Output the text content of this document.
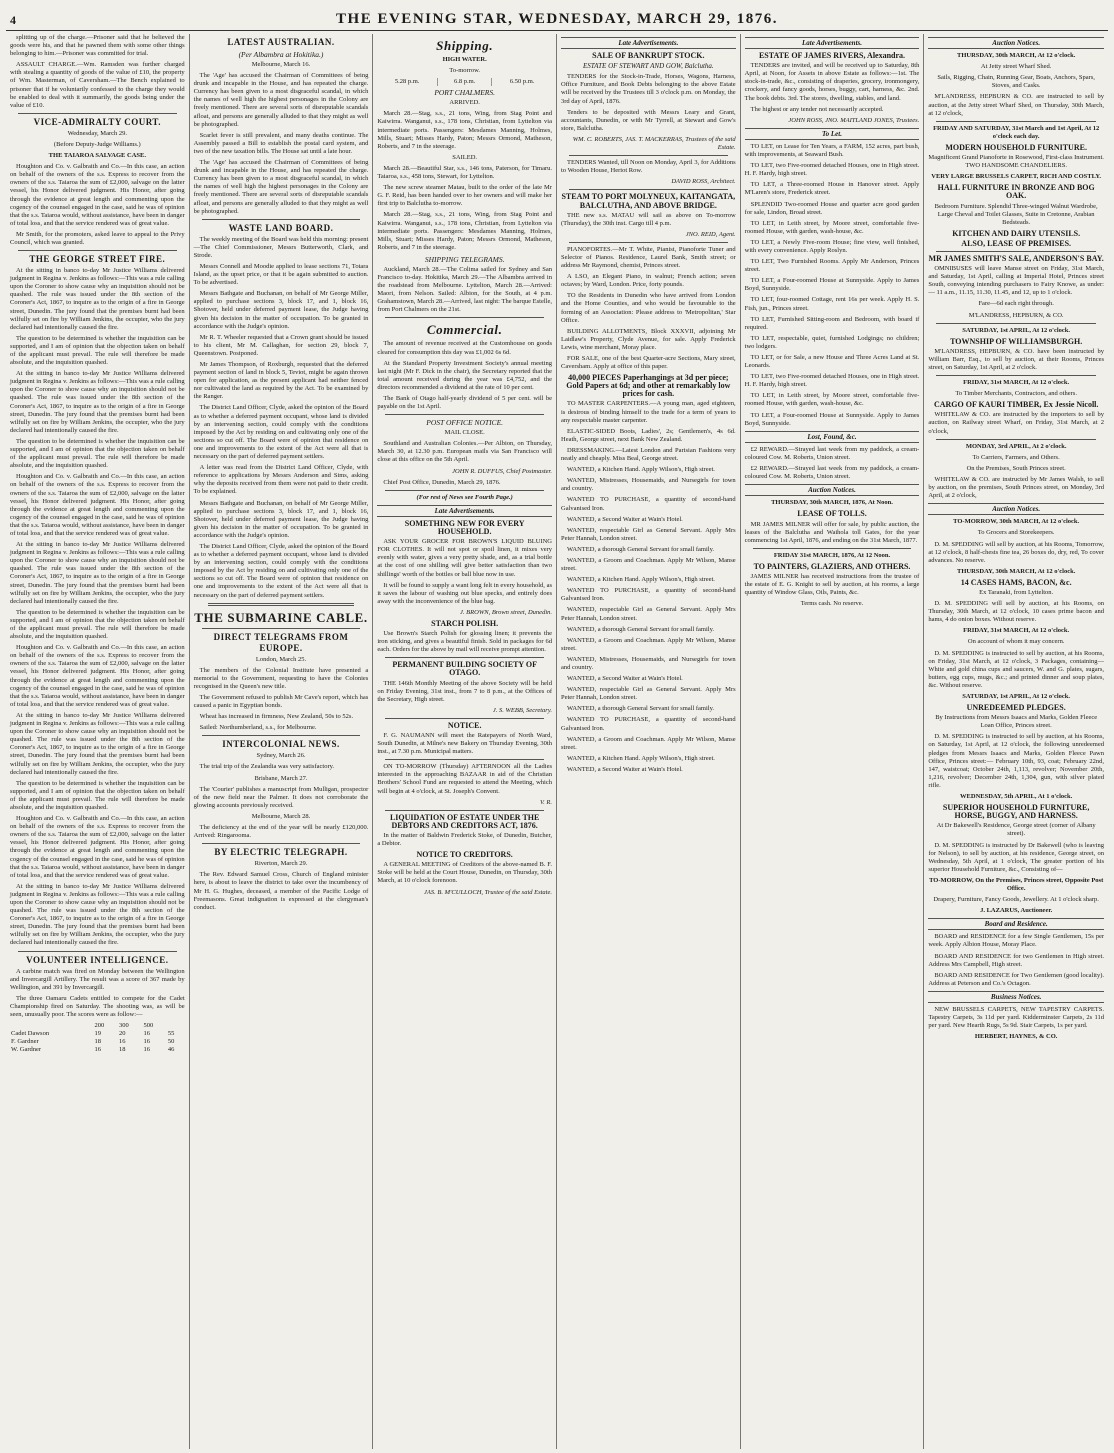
4	THE EVENING STAR, WEDNESDAY, MARCH 29, 1876.

splitting up of the charge.—Prisoner said that he believed the goods were his, and that he pawned them with some other things belonging to him.—Prisoner was committed for trial.

ASSAULT CHARGE.—Wm. Ramsden was further charged with stealing a quantity of goods of the value of £10, the property of Wm. Masterman, of Caversham.—The Bench explained to prisoner that if he voluntarily confessed to the charge they would be enabled to deal with it summarily, the goods being under the value of £10.

VICE-ADMIRALTY COURT.

Wednesday, March 29.

(Before Deputy-Judge Williams.)

THE TAIAROA SALVAGE CASE.

Houghton and Co. v. Galbraith and Co.—In this case, an action on behalf of the owners of the s.s. Express to recover from the owners of the s.s. Taiaroa the sum of £2,000, salvage on the latter vessel, his Honor delivered judgment. His Honor, after going through the evidence at great length and commenting upon the cogency of the counsel engaged in the case, said he was of opinion that the s.s. Taiaroa would, without assistance, have been in danger of total loss, and that the service rendered was of great value.

Mr Smith, for the promoters, asked leave to appeal to the Privy Council, which was granted.

THE GEORGE STREET FIRE.

At the sitting in banco to-day Mr Justice Williams delivered judgment in Regina v. Jenkins as follows:—This was a rule calling upon the Coroner to show cause why an inquisition should not be quashed. The rule was issued under the 8th section of the Coroner's Act, 1867, to inquire as to the origin of a fire in George street, Dunedin. The jury found that the premises burnt had been wilfully set on fire by William Jenkins, the occupier, who the jury declared had intentionally caused the fire.

The question to be determined is whether the inquisition can be supported, and I am of opinion that the objection taken on behalf of the applicant must prevail. The rule will therefore be made absolute, and the inquisition quashed.

At the sitting in banco to-day Mr Justice Williams delivered judgment in Regina v. Jenkins as follows:—This was a rule calling upon the Coroner to show cause why an inquisition should not be quashed. The rule was issued under the 8th section of the Coroner's Act, 1867, to inquire as to the origin of a fire in George street, Dunedin. The jury found that the premises burnt had been wilfully set on fire by William Jenkins, the occupier, who the jury declared had intentionally caused the fire.

The question to be determined is whether the inquisition can be supported, and I am of opinion that the objection taken on behalf of the applicant must prevail. The rule will therefore be made absolute, and the inquisition quashed.

Houghton and Co. v. Galbraith and Co.—In this case, an action on behalf of the owners of the s.s. Express to recover from the owners of the s.s. Taiaroa the sum of £2,000, salvage on the latter vessel, his Honor delivered judgment. His Honor, after going through the evidence at great length and commenting upon the cogency of the counsel engaged in the case, said he was of opinion that the s.s. Taiaroa would, without assistance, have been in danger of total loss, and that the service rendered was of great value.

At the sitting in banco to-day Mr Justice Williams delivered judgment in Regina v. Jenkins as follows:—This was a rule calling upon the Coroner to show cause why an inquisition should not be quashed. The rule was issued under the 8th section of the Coroner's Act, 1867, to inquire as to the origin of a fire in George street, Dunedin. The jury found that the premises burnt had been wilfully set on fire by William Jenkins, the occupier, who the jury declared had intentionally caused the fire.

The question to be determined is whether the inquisition can be supported, and I am of opinion that the objection taken on behalf of the applicant must prevail. The rule will therefore be made absolute, and the inquisition quashed.

Houghton and Co. v. Galbraith and Co.—In this case, an action on behalf of the owners of the s.s. Express to recover from the owners of the s.s. Taiaroa the sum of £2,000, salvage on the latter vessel, his Honor delivered judgment. His Honor, after going through the evidence at great length and commenting upon the cogency of the counsel engaged in the case, said he was of opinion that the s.s. Taiaroa would, without assistance, have been in danger of total loss, and that the service rendered was of great value.

At the sitting in banco to-day Mr Justice Williams delivered judgment in Regina v. Jenkins as follows:—This was a rule calling upon the Coroner to show cause why an inquisition should not be quashed. The rule was issued under the 8th section of the Coroner's Act, 1867, to inquire as to the origin of a fire in George street, Dunedin. The jury found that the premises burnt had been wilfully set on fire by William Jenkins, the occupier, who the jury declared had intentionally caused the fire.

The question to be determined is whether the inquisition can be supported, and I am of opinion that the objection taken on behalf of the applicant must prevail. The rule will therefore be made absolute, and the inquisition quashed.

Houghton and Co. v. Galbraith and Co.—In this case, an action on behalf of the owners of the s.s. Express to recover from the owners of the s.s. Taiaroa the sum of £2,000, salvage on the latter vessel, his Honor delivered judgment. His Honor, after going through the evidence at great length and commenting upon the cogency of the counsel engaged in the case, said he was of opinion that the s.s. Taiaroa would, without assistance, have been in danger of total loss, and that the service rendered was of great value.

At the sitting in banco to-day Mr Justice Williams delivered judgment in Regina v. Jenkins as follows:—This was a rule calling upon the Coroner to show cause why an inquisition should not be quashed. The rule was issued under the 8th section of the Coroner's Act, 1867, to inquire as to the origin of a fire in George street, Dunedin. The jury found that the premises burnt had been wilfully set on fire by William Jenkins, the occupier, who the jury declared had intentionally caused the fire.

VOLUNTEER INTELLIGENCE.

A carbine match was fired on Monday between the Wellington and Invercargill Artillery. The result was a score of 367 made by Wellington, and 391 by Invercargill.

The three Oamaru Cadets entitled to compete for the Cadet Championship fired on Saturday. The shooting was, as will be seen, unusually poor. The scores were as follow:—

	200	300	500	
Cadet Dawson	19	20	16	55
F. Gardner	18	16	16	50
W. Gardner	16	18	16	46
LATEST AUSTRALIAN.
(Per Albambra at Hokitika.)

Melbourne, March 16.

The 'Age' has accused the Chairman of Committees of being drunk and incapable in the House, and has repeated the charge. Currency has been given to a most disgraceful scandal, in which the names of well high the highest personages in the Colony are freely mentioned. There are several sorts of disreputable scandals afloat, and persons are generally alluded to that they might as well be photographed.

Scarlet fever is still prevalent, and many deaths continue. The Assembly passed a Bill to establish the postal card system, and two of the new taxation bills. The House sat until a late hour.

The 'Age' has accused the Chairman of Committees of being drunk and incapable in the House, and has repeated the charge. Currency has been given to a most disgraceful scandal, in which the names of well high the highest personages in the Colony are freely mentioned. There are several sorts of disreputable scandals afloat, and persons are generally alluded to that they might as well be photographed.

WASTE LAND BOARD.

The weekly meeting of the Board was held this morning: present—The Chief Commissioner, Messrs Butterworth, Clark, and Strode.

Messrs Connell and Moodie applied to lease sections 71, Totara Island, as the upset price, or that it be again submitted to auction. To be advertised.

Messrs Bathgate and Buchanan, on behalf of Mr George Miller, applied to purchase sections 3, block 17, and 1, block 16, Shotover, held under deferred payment lease, the Judge having given his decision in the matter of occupation. To be granted in accordance with the Judge's opinion.

Mr R. T. Wheeler requested that a Crown grant should be issued to his client, Mr M. Callaghan, for section 29, block 7, Queenstown. Postponed.

Mr James Thompson, of Roxburgh, requested that the deferred payment section of land in block 5, Teviot, might be again thrown open for application, as the present applicant had neither fenced nor cultivated the land as required by the Act. To be examined by the Ranger.

The District Land Officer, Clyde, asked the opinion of the Board as to whether a deferred payment occupant, whose land is divided by an intervening section, could comply with the conditions imposed by the Act by residing on and cultivating only one of the sections so cut off. The Board were of opinion that residence on one and improvements to the extent of the Act were all that is necessary on the part of deferred payment settlers.

A letter was read from the District Land Officer, Clyde, with reference to applications by Messrs Anderson and Sims, asking why the deposits received from them were not paid to their credit. To be explained.

Messrs Bathgate and Buchanan, on behalf of Mr George Miller, applied to purchase sections 3, block 17, and 1, block 16, Shotover, held under deferred payment lease, the Judge having given his decision in the matter of occupation. To be granted in accordance with the Judge's opinion.

The District Land Officer, Clyde, asked the opinion of the Board as to whether a deferred payment occupant, whose land is divided by an intervening section, could comply with the conditions imposed by the Act by residing on and cultivating only one of the sections so cut off. The Board were of opinion that residence on one and improvements to the extent of the Act were all that is necessary on the part of deferred payment settlers.

THE SUBMARINE CABLE.
DIRECT TELEGRAMS FROM EUROPE.

London, March 25.

The members of the Colonial Institute have presented a memorial to the Government, requesting to have the Colonies recognised in the Queen's new title.

The Government refused to publish Mr Cave's report, which has caused a panic in Egyptian bonds.

Wheat has increased in firmness, New Zealand, 50s to 52s.

Sailed: Northumberland, s.s., for Melbourne.

INTERCOLONIAL NEWS.

Sydney, March 26.

The trial trip of the Zealandia was very satisfactory.

Brisbane, March 27.

The 'Courier' publishes a manuscript from Mulligan, prospector of the new field near the Palmer. It does not corroborate the glowing accounts previously received.

Melbourne, March 28.

The deficiency at the end of the year will be nearly £120,000. Arrived: Ringarooma.

BY ELECTRIC TELEGRAPH.

Riverton, March 29.

The Rev. Edward Samuel Cross, Church of England minister here, is about to leave the district to take over the incumbency of Mr H. G. Hughes, deceased, a member of the Pacific Lodge of Freemasons. Great indignation is expressed at the clergyman's conduct.

Shipping.

HIGH WATER.

To-morrow.

5.28 p.m.	6.8 p.m.	6.50 p.m.
PORT CHALMERS.

ARRIVED.

March 28.—Stag, s.s., 21 tons, Wing, from Stag Point and Kaiwirra. Wanganui, s.s., 178 tons, Christian, from Lyttelton via intermediate ports. Passengers: Mesdames Manning, Holmes, Mills, Stuart; Misses Hardy, Paton; Messrs Ormond, Matheson, Roberts, and 7 in the steerage.

SAILED.

March 28.—Beautiful Star, s.s., 146 tons, Paterson, for Timaru. Taiaroa, s.s., 458 tons, Stewart, for Lyttelton.

The new screw steamer Matau, built to the order of the late Mr G. F. Reid, has been handed over to her owners and will make her first trip to Balclutha to-morrow.

March 28.—Stag, s.s., 21 tons, Wing, from Stag Point and Kaiwirra. Wanganui, s.s., 178 tons, Christian, from Lyttelton via intermediate ports. Passengers: Mesdames Manning, Holmes, Mills, Stuart; Misses Hardy, Paton; Messrs Ormond, Matheson, Roberts, and 7 in the steerage.

SHIPPING TELEGRAMS.

Auckland, March 28.—The Colima sailed for Sydney and San Francisco to-day. Hokitika, March 29.—The Albambra arrived in the roadstead from Melbourne. Lyttelton, March 28.—Arrived: Maori, from Nelson. Sailed: Albion, for the South, at 4 p.m. Grahamstown, March 28.—Arrived, last night: The barque Estelle, from Port Chalmers on the 21st.

Commercial.

The amount of revenue received at the Customhouse on goods cleared for consumption this day was £1,002 6s 6d.

At the Standard Property Investment Society's annual meeting last night (Mr F. Dick in the chair), the Secretary reported that the total amount received during the year was £4,752, and the directors recommended a dividend at the rate of 10 per cent.

The Bank of Otago half-yearly dividend of 5 per cent. will be payable on the 1st April.

POST OFFICE NOTICE.

MAIL CLOSE.

Southland and Australian Colonies.—Per Albion, on Thursday, March 30, at 12.30 p.m. European mails via San Francisco will close at this office on the 5th April.

JOHN R. DUFFUS, Chief Postmaster.

Chief Post Office, Dunedin, March 29, 1876.

(For rest of News see Fourth Page.)

Late Advertisements.
SOMETHING NEW FOR EVERY HOUSEHOLD.

ASK YOUR GROCER FOR BROWN'S LIQUID BLUING FOR CLOTHES. It will not spot or spoil linen, it mixes very evenly with water, gives a very pretty shade, and, as a trial bottle at the cost of one shilling will give better satisfaction than two shillings' worth of the bottles or ball blue now in use.

It will be found to supply a want long felt in every household, as it saves the labour of washing out blue specks, and entirely does away with the inconvenience of the blue bag.

J. BROWN, Brown street, Dunedin.

STARCH POLISH.

Use Brown's Starch Polish for glossing linen; it prevents the iron sticking, and gives a beautiful finish. Sold in packages for 6d each. Orders for the above by mail will receive prompt attention.

PERMANENT BUILDING SOCIETY OF OTAGO.

THE 146th Monthly Meeting of the above Society will be held on Friday Evening, 31st inst., from 7 to 8 p.m., at the Offices of the Secretary, High street.

J. S. WEBB, Secretary.

NOTICE.

F. G. NAUMANN will meet the Ratepayers of North Ward, South Dunedin, at Milne's new Bakery on Thursday Evening, 30th inst., at 7.30 p.m. Municipal matters.

ON TO-MORROW (Thursday) AFTERNOON all the Ladies interested in the approaching BAZAAR in aid of the Christian Brothers' School Fund are requested to attend the Meeting, which will begin at 4 o'clock, at St. Joseph's Convent.

V. R.

LIQUIDATION OF ESTATE UNDER THE DEBTORS AND CREDITORS ACT, 1876.

In the matter of Baldwin Frederick Stoke, of Dunedin, Butcher, a Debtor.

NOTICE TO CREDITORS.

A GENERAL MEETING of Creditors of the above-named B. F. Stoke will be held at the Court House, Dunedin, on Thursday, 30th March, at 10 o'clock forenoon.

JAS. B. M'CULLOCH, Trustee of the said Estate.

Late Advertisements.
SALE OF BANKRUPT STOCK.

ESTATE OF STEWART AND GOW, Balclutha.

TENDERS for the Stock-in-Trade, Horses, Wagons, Harness, Office Furniture, and Book Debts belonging to the above Estate will be received by the Trustees till 3 o'clock p.m. on Monday, the 3rd day of April, 1876.

Tenders to be deposited with Messrs Leary and Grant, accountants, Dunedin, or with Mr Tyrrell, at Stewart and Gow's store, Balclutha.

WM. C. ROBERTS, JAS. T. MACKERRAS, Trustees of the said Estate.

TENDERS Wanted, till Noon on Monday, April 3, for Additions to Wooden House, Heriot Row.

DAVID ROSS, Architect.

STEAM TO PORT MOLYNEUX, KAITANGATA, BALCLUTHA, AND ABOVE BRIDGE.

THE new s.s. MATAU will sail as above on To-morrow (Thursday), the 30th inst. Cargo till 4 p.m.

JNO. REID, Agent.

PIANOFORTES.—Mr T. White, Pianist, Pianoforte Tuner and Selector of Pianos. Residence, Laurel Bank, Smith street; or address Mr Raymond, chemist, Princes street.

A LSO, an Elegant Piano, in walnut; French action; seven octaves; by Ward, London. Price, forty pounds.

TO the Residents in Dunedin who have arrived from London and the Home Counties, and who would be favourable to the forming of an Association: Please address to 'Metropolitan,' Star Office.

BUILDING ALLOTMENTS, Block XXXVII, adjoining Mr Laidlaw's Property, Clyde Avenue, for sale. Apply Frederick Lewis, wine merchant, Moray place.

FOR SALE, one of the best Quarter-acre Sections, Mary street, Caversham. Apply at office of this paper.

40,000 PIECES Paperhangings at 3d per piece; Gold Papers at 6d; and other at remarkably low prices for cash.

TO MASTER CARPENTERS.—A young man, aged eighteen, is desirous of binding himself to the trade for a term of years to any respectable master carpenter.

ELASTIC-SIDED Boots, Ladies', 2s; Gentlemen's, 4s 6d. Heath, George street, next Bank New Zealand.

DRESSMAKING.—Latest London and Parisian Fashions very neatly and cheaply. Miss Beal, George street.

WANTED, a Kitchen Hand. Apply Wilson's, High street.

WANTED, Mistresses, Housemaids, and Nursegirls for town and country.

WANTED TO PURCHASE, a quantity of second-hand Galvanised Iron.

WANTED, a Second Waiter at Wain's Hotel.

WANTED, respectable Girl as General Servant. Apply Mrs Peter Hannah, London street.

WANTED, a thorough General Servant for small family.

WANTED, a Groom and Coachman. Apply Mr Wilson, Manse street.

WANTED, a Kitchen Hand. Apply Wilson's, High street.

WANTED TO PURCHASE, a quantity of second-hand Galvanised Iron.

WANTED, respectable Girl as General Servant. Apply Mrs Peter Hannah, London street.

WANTED, a thorough General Servant for small family.

WANTED, a Groom and Coachman. Apply Mr Wilson, Manse street.

WANTED, Mistresses, Housemaids, and Nursegirls for town and country.

WANTED, a Second Waiter at Wain's Hotel.

WANTED, respectable Girl as General Servant. Apply Mrs Peter Hannah, London street.

WANTED, a thorough General Servant for small family.

WANTED TO PURCHASE, a quantity of second-hand Galvanised Iron.

WANTED, a Groom and Coachman. Apply Mr Wilson, Manse street.

WANTED, a Kitchen Hand. Apply Wilson's, High street.

WANTED, a Second Waiter at Wain's Hotel.

Late Advertisements.
ESTATE OF JAMES RIVERS, Alexandra.

TENDERS are invited, and will be received up to Saturday, 8th April, at Noon, for Assets in above Estate as follows:—1st. The stock-in-trade, &c., consisting of draperies, grocery, ironmongery, crockery, and fancy goods, horses, buggy, cart, harness, &c. 2nd. The book debts. 3rd. The stores, dwelling, stables, and land.

The highest or any tender not necessarily accepted.

JOHN ROSS, JNO. MAITLAND JONES, Trustees.

To Let.

TO LET, on Lease for Ten Years, a FARM, 152 acres, part bush, with improvements, at Seaward Bush.

TO LET, two Five-roomed detached Houses, one in High street. H. F. Hardy, high street.

TO LET, a Three-roomed House in Hanover street. Apply M'Laren's store, Frederick street.

SPLENDID Two-roomed House and quarter acre good garden for sale, Lindon, Broad street.

TO LET, in Leith street, by Moore street, comfortable five-roomed House, with garden, wash-house, &c.

TO LET, a Newly Five-room House; fine view, well finished, with every convenience. Apply Roslyn.

TO LET, Two Furnished Rooms. Apply Mr Anderson, Princes street.

TO LET, a Four-roomed House at Sunnyside. Apply to James Boyd, Sunnyside.

TO LET, four-roomed Cottage, rent 16s per week. Apply H. S. Fish, jun., Princes street.

TO LET, Furnished Sitting-room and Bedroom, with board if required.

TO LET, respectable, quiet, furnished Lodgings; no children; two lodgers.

TO LET, or for Sale, a new House and Three Acres Land at St. Leonards.

TO LET, two Five-roomed detached Houses, one in High street. H. F. Hardy, high street.

TO LET, in Leith street, by Moore street, comfortable five-roomed House, with garden, wash-house, &c.

TO LET, a Four-roomed House at Sunnyside. Apply to James Boyd, Sunnyside.

Lost, Found, &c.

£2 REWARD.—Strayed last week from my paddock, a cream-coloured Cow. M. Roberts, Union street.

£2 REWARD.—Strayed last week from my paddock, a cream-coloured Cow. M. Roberts, Union street.

Auction Notices.

THURSDAY, 30th MARCH, 1876, At Noon.

LEASE OF TOLLS.

MR JAMES MILNER will offer for sale, by public auction, the leases of the Balclutha and Waihola toll Gates, for the year commencing 1st April, 1876, and ending on the 31st March, 1877.

FRIDAY 31st MARCH, 1876, At 12 Noon.

TO PAINTERS, GLAZIERS, AND OTHERS.

JAMES MILNER has received instructions from the trustee of the estate of E. G. Knight to sell by auction, at his rooms, a large quantity of Window Glass, Oils, Paints, &c.

Terms cash. No reserve.

Auction Notices.

THURSDAY, 30th MARCH, At 12 o'clock.

At Jetty street Wharf Shed.

Sails, Rigging, Chain, Running Gear, Boats, Anchors, Spars, Stoves, and Casks.

M'LANDRESS, HEPBURN & CO. are instructed to sell by auction, at the Jetty street Wharf Shed, on Thursday, 30th March, at 12 o'clock,

FRIDAY AND SATURDAY, 31st March and 1st April, At 12 o'clock each day.

MODERN HOUSEHOLD FURNITURE.

Magnificent Grand Pianoforte in Rosewood, First-class Instrument. TWO HANDSOME CHANDELIERS.

VERY LARGE BRUSSELS CARPET, RICH AND COSTLY.

HALL FURNITURE IN BRONZE AND BOG OAK.

Bedroom Furniture. Splendid Three-winged Walnut Wardrobe, Large Cheval and Toilet Glasses, Suite in Cretonne, Arabian Bedsteads.

KITCHEN AND DAIRY UTENSILS.
ALSO, LEASE OF PREMISES.
MR JAMES SMITH'S SALE, ANDERSON'S BAY.

OMNIBUSES will leave Manse street on Friday, 31st March, and Saturday, 1st April, calling at Imperial Hotel, Princes street South, conveying intending purchasers to Fairy Knowe, as under:— 11 a.m., 11.15, 11.30, 11.45, and 12, up to 1 o'clock.

Fare—6d each right through.

M'LANDRESS, HEPBURN, & CO.

SATURDAY, 1st APRIL, At 12 o'clock.

TOWNSHIP OF WILLIAMSBURGH.

M'LANDRESS, HEPBURN, & CO. have been instructed by William Barr, Esq., to sell by auction, at their Rooms, Princes street, on Saturday, 1st April, at 2 o'clock.

FRIDAY, 31st MARCH, At 12 o'clock.

To Timber Merchants, Contractors, and others.

CARGO OF KAURI TIMBER, Ex Jessie Nicoll.

WHITELAW & CO. are instructed by the importers to sell by auction, on Railway street Wharf, on Friday, 31st March, at 2 o'clock,

MONDAY, 3rd APRIL, At 2 o'clock.

To Carriers, Farmers, and Others.

On the Premises, South Princes street.

WHITELAW & CO. are instructed by Mr James Walsh, to sell by auction, on the premises, South Princes street, on Monday, 3rd April, at 2 o'clock,

Auction Notices.

TO-MORROW, 30th MARCH, At 12 o'clock.

To Grocers and Storekeepers.

D. M. SPEDDING will sell by auction, at his Rooms, Tomorrow, at 12 o'clock, 8 half-chests fine tea, 26 boxes do, dry, red, To cover advances. No reserve.

THURSDAY, 30th MARCH, At 12 o'clock.

14 CASES HAMS, BACON, &c.

Ex Taranaki, from Lyttelton.

D. M. SPEDDING will sell by auction, at his Rooms, on Thursday, 30th March, at 12 o'clock, 10 cases prime bacon and hams, 4 do onion boxes. Without reserve.

FRIDAY, 31st MARCH, At 12 o'clock.

On account of whom it may concern.

D. M. SPEDDING is instructed to sell by auction, at his Rooms, on Friday, 31st March, at 12 o'clock, 3 Packages, containing— White and gold china cups and saucers, W. and G. plates, sugars, butters, egg cups, mugs, &c.; and printed dinner and soup plates, &c. Without reserve.

SATURDAY, 1st APRIL, At 12 o'clock.

UNREDEEMED PLEDGES.

By Instructions from Messrs Isaacs and Marks, Golden Fleece Loan Office, Princes street.

D. M. SPEDDING is instructed to sell by auction, at his Rooms, on Saturday, 1st April, at 12 o'clock, the following unredeemed pledges from Messrs Isaacs and Marks, Golden Fleece Pawn Office, Princes street:— February 10th, 93, coat; February 22nd, 147, waistcoat; October 24th, 1,113, revolver; November 20th, 1,216, revolver; December 24th, 1,304, gun, with silver plated rifle.

WEDNESDAY, 5th APRIL, At 1 o'clock.

SUPERIOR HOUSEHOLD FURNITURE, HORSE, BUGGY, AND HARNESS.

At Dr Bakewell's Residence, George street (corner of Albany street).

D. M. SPEDDING is instructed by Dr Bakewell (who is leaving for Nelson), to sell by auction, at his residence, George street, on Wednesday, 5th April, at 1 o'clock, The greater portion of his superior Household Furniture, &c., Consisting of—

TO-MORROW, On the Premises, Princes street, Opposite Post Office.

Drapery, Furniture, Fancy Goods, Jewellery. At 1 o'clock sharp.

J. LAZARUS, Auctioneer.

Board and Residence.

BOARD and RESIDENCE for a few Single Gentlemen, 15s per week. Apply Albion House, Moray Place.

BOARD AND RESIDENCE for two Gentlemen in High street. Address Mrs Campbell, High street.

BOARD AND RESIDENCE for Two Gentlemen (good locality). Address at Peterson and Co.'s Octagon.

Business Notices.

NEW BRUSSELS CARPETS, NEW TAPESTRY CARPETS. Tapestry Carpets, 3s 11d per yard. Kidderminster Carpets, 2s 11d per yard. New Hearth Rugs, 5s 9d. Stair Carpets, 1s per yard.

HERBERT, HAYNES, & CO.
